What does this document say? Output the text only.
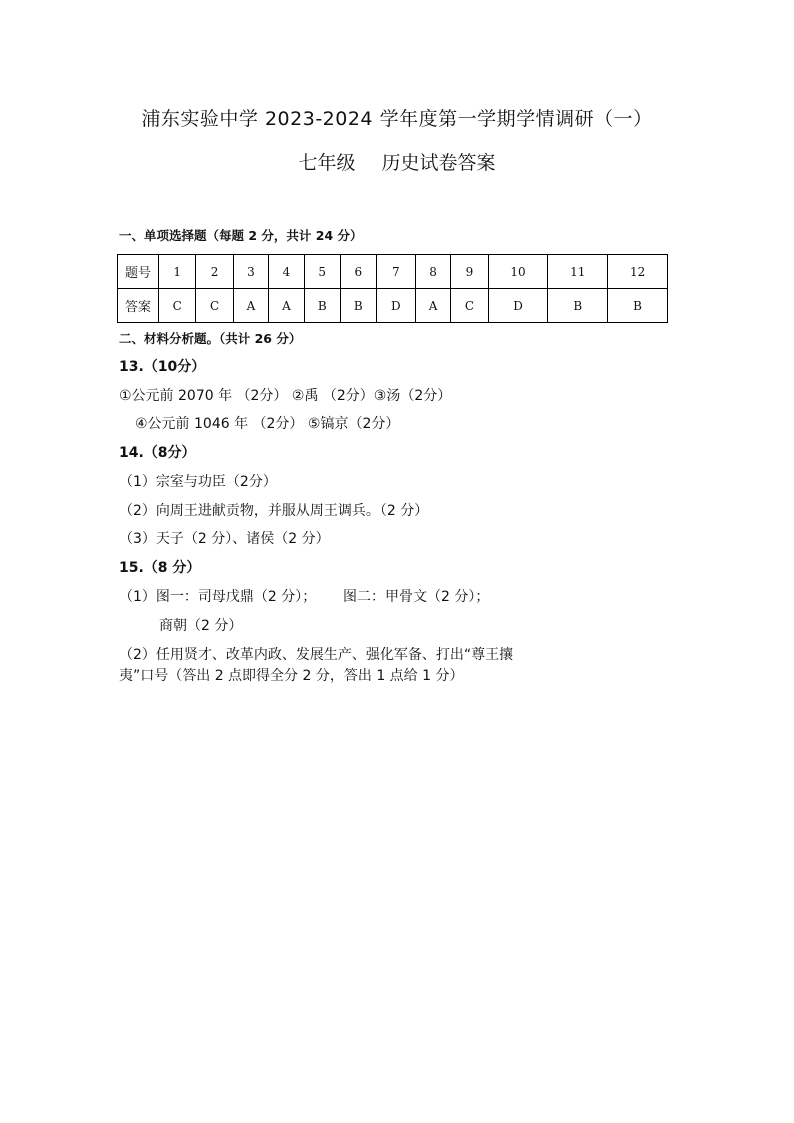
浦东实验中学 2023-2024 学年度第一学期学情调研（一）
七年级 历史试卷答案
一、单项选择题（每题 2 分，共计 24 分）
题号	1	2	3	4	5	6	7	8	9	10	11	12
答案	C	C	A	A	B	B	D	A	C	D	B	B
二、材料分析题。（共计 26 分）
13.（10分）
①公元前 2070 年 （2分） ②禹 （2分）③汤（2分）
④公元前 1046 年 （2分） ⑤镐京（2分）
14.（8分）
（1）宗室与功臣（2分）
（2）向周王进献贡物，并服从周王调兵。（2 分）
（3）天子（2 分）、诸侯（2 分）
15.（8 分）
（1）图一：司母戊鼎（2 分）；      图二：甲骨文（2 分）；
商朝（2 分）
（2）任用贤才、改革内政、发展生产、强化军备、打出“尊王攘
夷”口号（答出 2 点即得全分 2 分，答出 1 点给 1 分）
